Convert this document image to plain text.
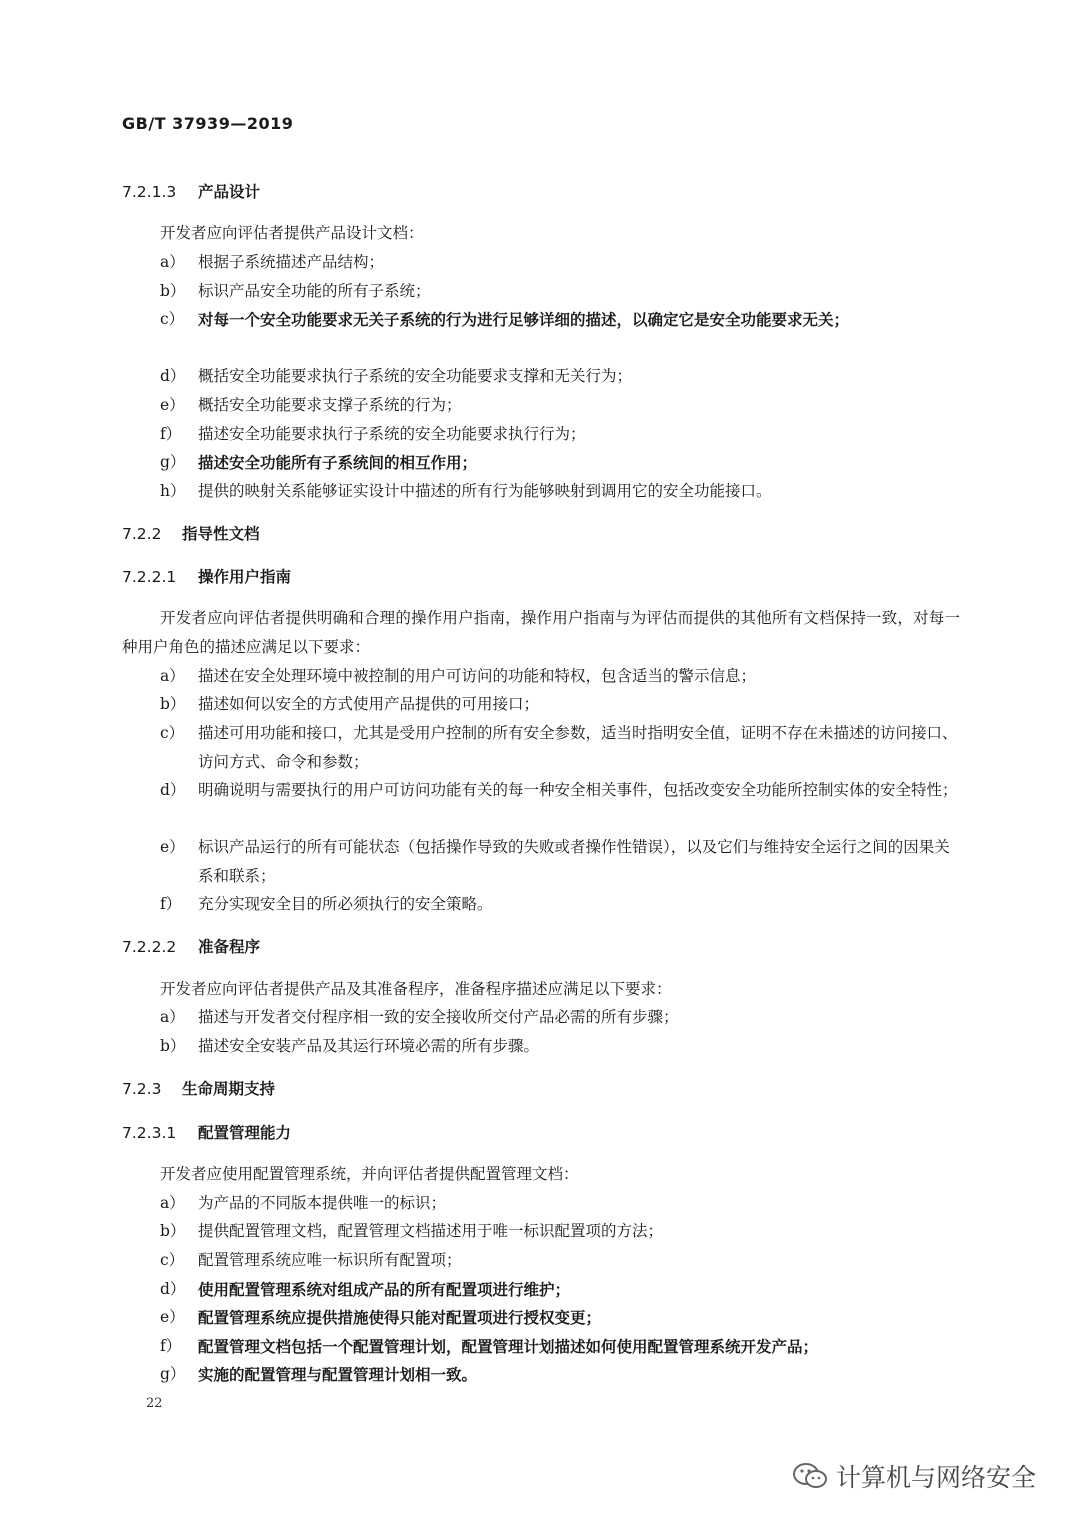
GB/T 37939—2019
7.2.1.3 产品设计
开发者应向评估者提供产品设计文档：
a） 根据子系统描述产品结构；
b） 标识产品安全功能的所有子系统；
c） 对每一个安全功能要求无关子系统的行为进行足够详细的描述，以确定它是安全功能要求无关；
d） 概括安全功能要求执行子系统的安全功能要求支撑和无关行为；
e） 概括安全功能要求支撑子系统的行为；
f）	描述安全功能要求执行子系统的安全功能要求执行行为；
g） 描述安全功能所有子系统间的相互作用；
h） 提供的映射关系能够证实设计中描述的所有行为能够映射到调用它的安全功能接口。
7.2.2 指导性文档
7.2.2.1 操作用户指南
开发者应向评估者提供明确和合理的操作用户指南，操作用户指南与为评估而提供的其他所有文档保持一致，对每一种用户角色的描述应满足以下要求：
a） 描述在安全处理环境中被控制的用户可访问的功能和特权，包含适当的警示信息；
b） 描述如何以安全的方式使用产品提供的可用接口；
c） 描述可用功能和接口，尤其是受用户控制的所有安全参数，适当时指明安全值，证明不存在未描述的访问接口、访问方式、命令和参数；
d） 明确说明与需要执行的用户可访问功能有关的每一种安全相关事件，包括改变安全功能所控制实体的安全特性；
e） 标识产品运行的所有可能状态（包括操作导致的失败或者操作性错误），以及它们与维持安全运行之间的因果关系和联系；
f）	充分实现安全目的所必须执行的安全策略。
7.2.2.2 准备程序
开发者应向评估者提供产品及其准备程序，准备程序描述应满足以下要求：
a） 描述与开发者交付程序相一致的安全接收所交付产品必需的所有步骤；
b） 描述安全安装产品及其运行环境必需的所有步骤。
7.2.3 生命周期支持
7.2.3.1 配置管理能力
开发者应使用配置管理系统，并向评估者提供配置管理文档：
a） 为产品的不同版本提供唯一的标识；
b） 提供配置管理文档，配置管理文档描述用于唯一标识配置项的方法；
c） 配置管理系统应唯一标识所有配置项；
d） 使用配置管理系统对组成产品的所有配置项进行维护；
e） 配置管理系统应提供措施使得只能对配置项进行授权变更；
f）	配置管理文档包括一个配置管理计划，配置管理计划描述如何使用配置管理系统开发产品；
g） 实施的配置管理与配置管理计划相一致。
22
计算机与网络安全
